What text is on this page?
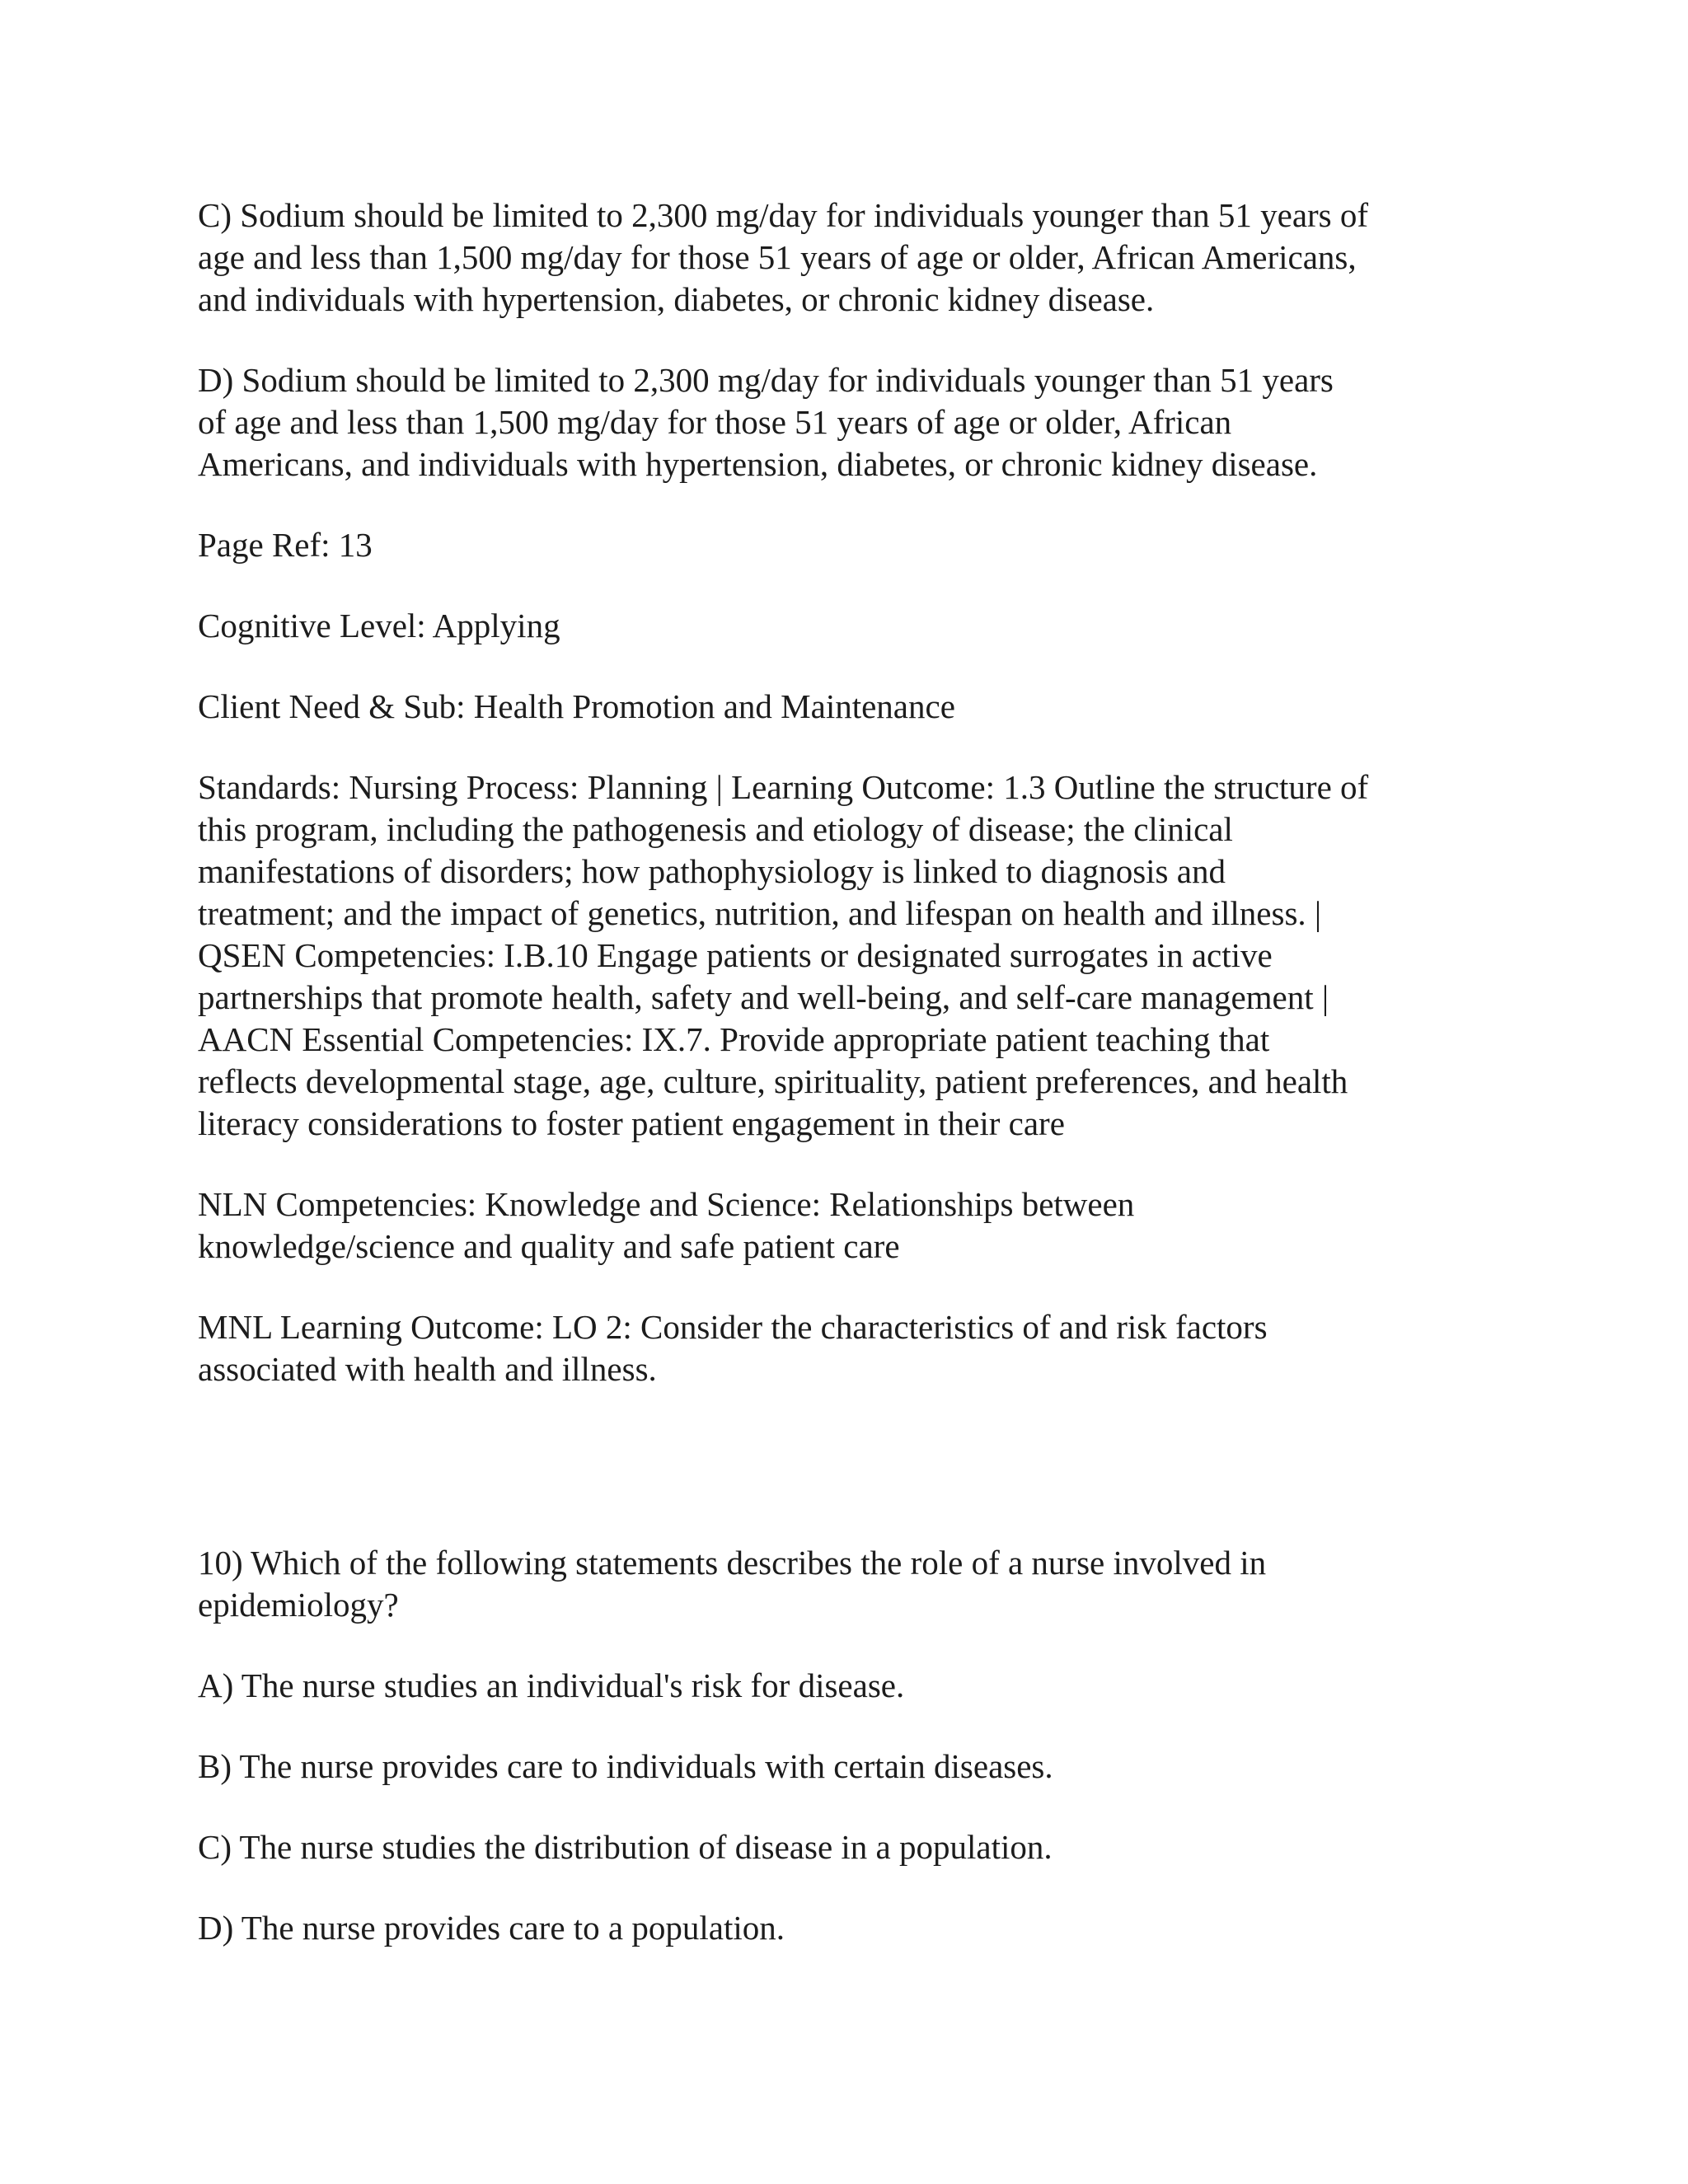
C) Sodium should be limited to 2,300 mg/day for individuals younger than 51 years of
age and less than 1,500 mg/day for those 51 years of age or older, African Americans,
and individuals with hypertension, diabetes, or chronic kidney disease.

D) Sodium should be limited to 2,300 mg/day for individuals younger than 51 years
of age and less than 1,500 mg/day for those 51 years of age or older, African
Americans, and individuals with hypertension, diabetes, or chronic kidney disease.

Page Ref: 13

Cognitive Level: Applying

Client Need & Sub: Health Promotion and Maintenance

Standards: Nursing Process: Planning | Learning Outcome: 1.3 Outline the structure of
this program, including the pathogenesis and etiology of disease; the clinical
manifestations of disorders; how pathophysiology is linked to diagnosis and
treatment; and the impact of genetics, nutrition, and lifespan on health and illness. |
QSEN Competencies: I.B.10 Engage patients or designated surrogates in active
partnerships that promote health, safety and well-being, and self-care management |
AACN Essential Competencies: IX.7. Provide appropriate patient teaching that
reflects developmental stage, age, culture, spirituality, patient preferences, and health
literacy considerations to foster patient engagement in their care

NLN Competencies: Knowledge and Science: Relationships between
knowledge/science and quality and safe patient care

MNL Learning Outcome: LO 2: Consider the characteristics of and risk factors
associated with health and illness.

10) Which of the following statements describes the role of a nurse involved in
epidemiology?

A) The nurse studies an individual's risk for disease.

B) The nurse provides care to individuals with certain diseases.

C) The nurse studies the distribution of disease in a population.

D) The nurse provides care to a population.
